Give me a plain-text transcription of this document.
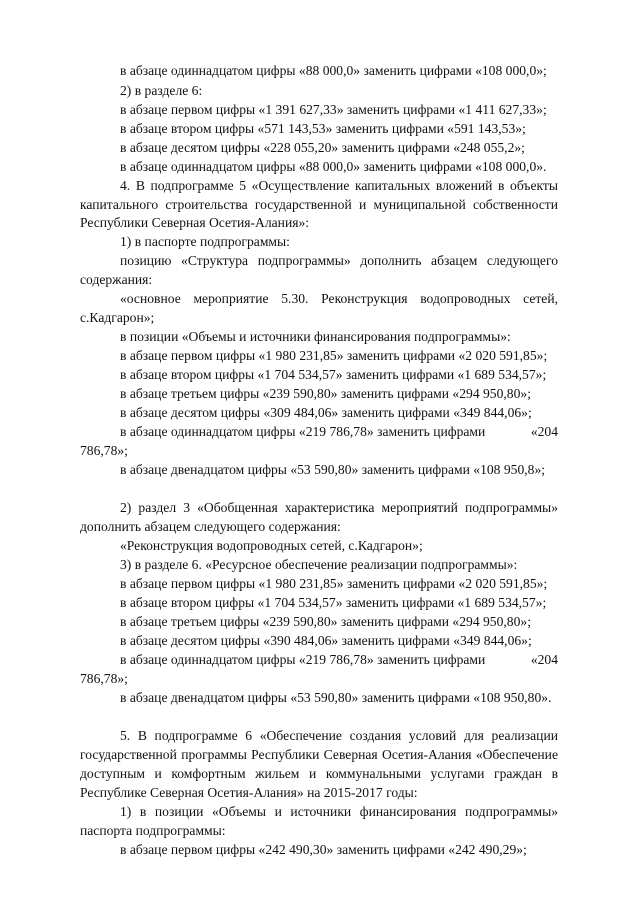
в абзаце одиннадцатом цифры «88 000,0» заменить цифрами «108 000,0»;

2) в разделе 6:

в абзаце первом цифры «1 391 627,33» заменить цифрами «1 411 627,33»;

в абзаце втором цифры «571 143,53» заменить цифрами «591 143,53»;

в абзаце десятом цифры «228 055,20» заменить цифрами «248 055,2»;

в абзаце одиннадцатом цифры «88 000,0» заменить цифрами «108 000,0».

4. В подпрограмме 5 «Осуществление капитальных вложений в объекты

капитального строительства государственной и муниципальной собственности

Республики Северная Осетия-Алания»:

1) в паспорте подпрограммы:

позицию «Структура подпрограммы» дополнить абзацем следующего

содержания:

«основное мероприятие 5.30. Реконструкция водопроводных сетей,

с.Кадгарон»;

в позиции «Объемы и источники финансирования подпрограммы»:

в абзаце первом цифры «1 980 231,85» заменить цифрами «2 020 591,85»;

в абзаце втором цифры «1 704 534,57» заменить цифрами «1 689 534,57»;

в абзаце третьем цифры «239 590,80» заменить цифрами «294 950,80»;

в абзаце десятом цифры «309 484,06» заменить цифрами «349 844,06»;

в абзаце одиннадцатом цифры «219 786,78» заменить цифрами	«204

786,78»;

в абзаце двенадцатом цифры «53 590,80» заменить цифрами «108 950,8»;

2) раздел 3 «Обобщенная характеристика мероприятий подпрограммы»

дополнить абзацем следующего содержания:

«Реконструкция водопроводных сетей, с.Кадгарон»;

3) в разделе 6. «Ресурсное обеспечение реализации подпрограммы»:

в абзаце первом цифры «1 980 231,85» заменить цифрами «2 020 591,85»;

в абзаце втором цифры «1 704 534,57» заменить цифрами «1 689 534,57»;

в абзаце третьем цифры «239 590,80» заменить цифрами «294 950,80»;

в абзаце десятом цифры «390 484,06» заменить цифрами «349 844,06»;

в абзаце одиннадцатом цифры «219 786,78» заменить цифрами	«204

786,78»;

в абзаце двенадцатом цифры «53 590,80» заменить цифрами «108 950,80».

5. В подпрограмме 6 «Обеспечение создания условий для реализации

государственной программы Республики Северная Осетия-Алания «Обеспечение

доступным и комфортным жильем и коммунальными услугами граждан в

Республике Северная Осетия-Алания» на 2015-2017 годы:

1) в позиции «Объемы и источники финансирования подпрограммы»

паспорта подпрограммы:

в абзаце первом цифры «242 490,30» заменить цифрами «242 490,29»;
